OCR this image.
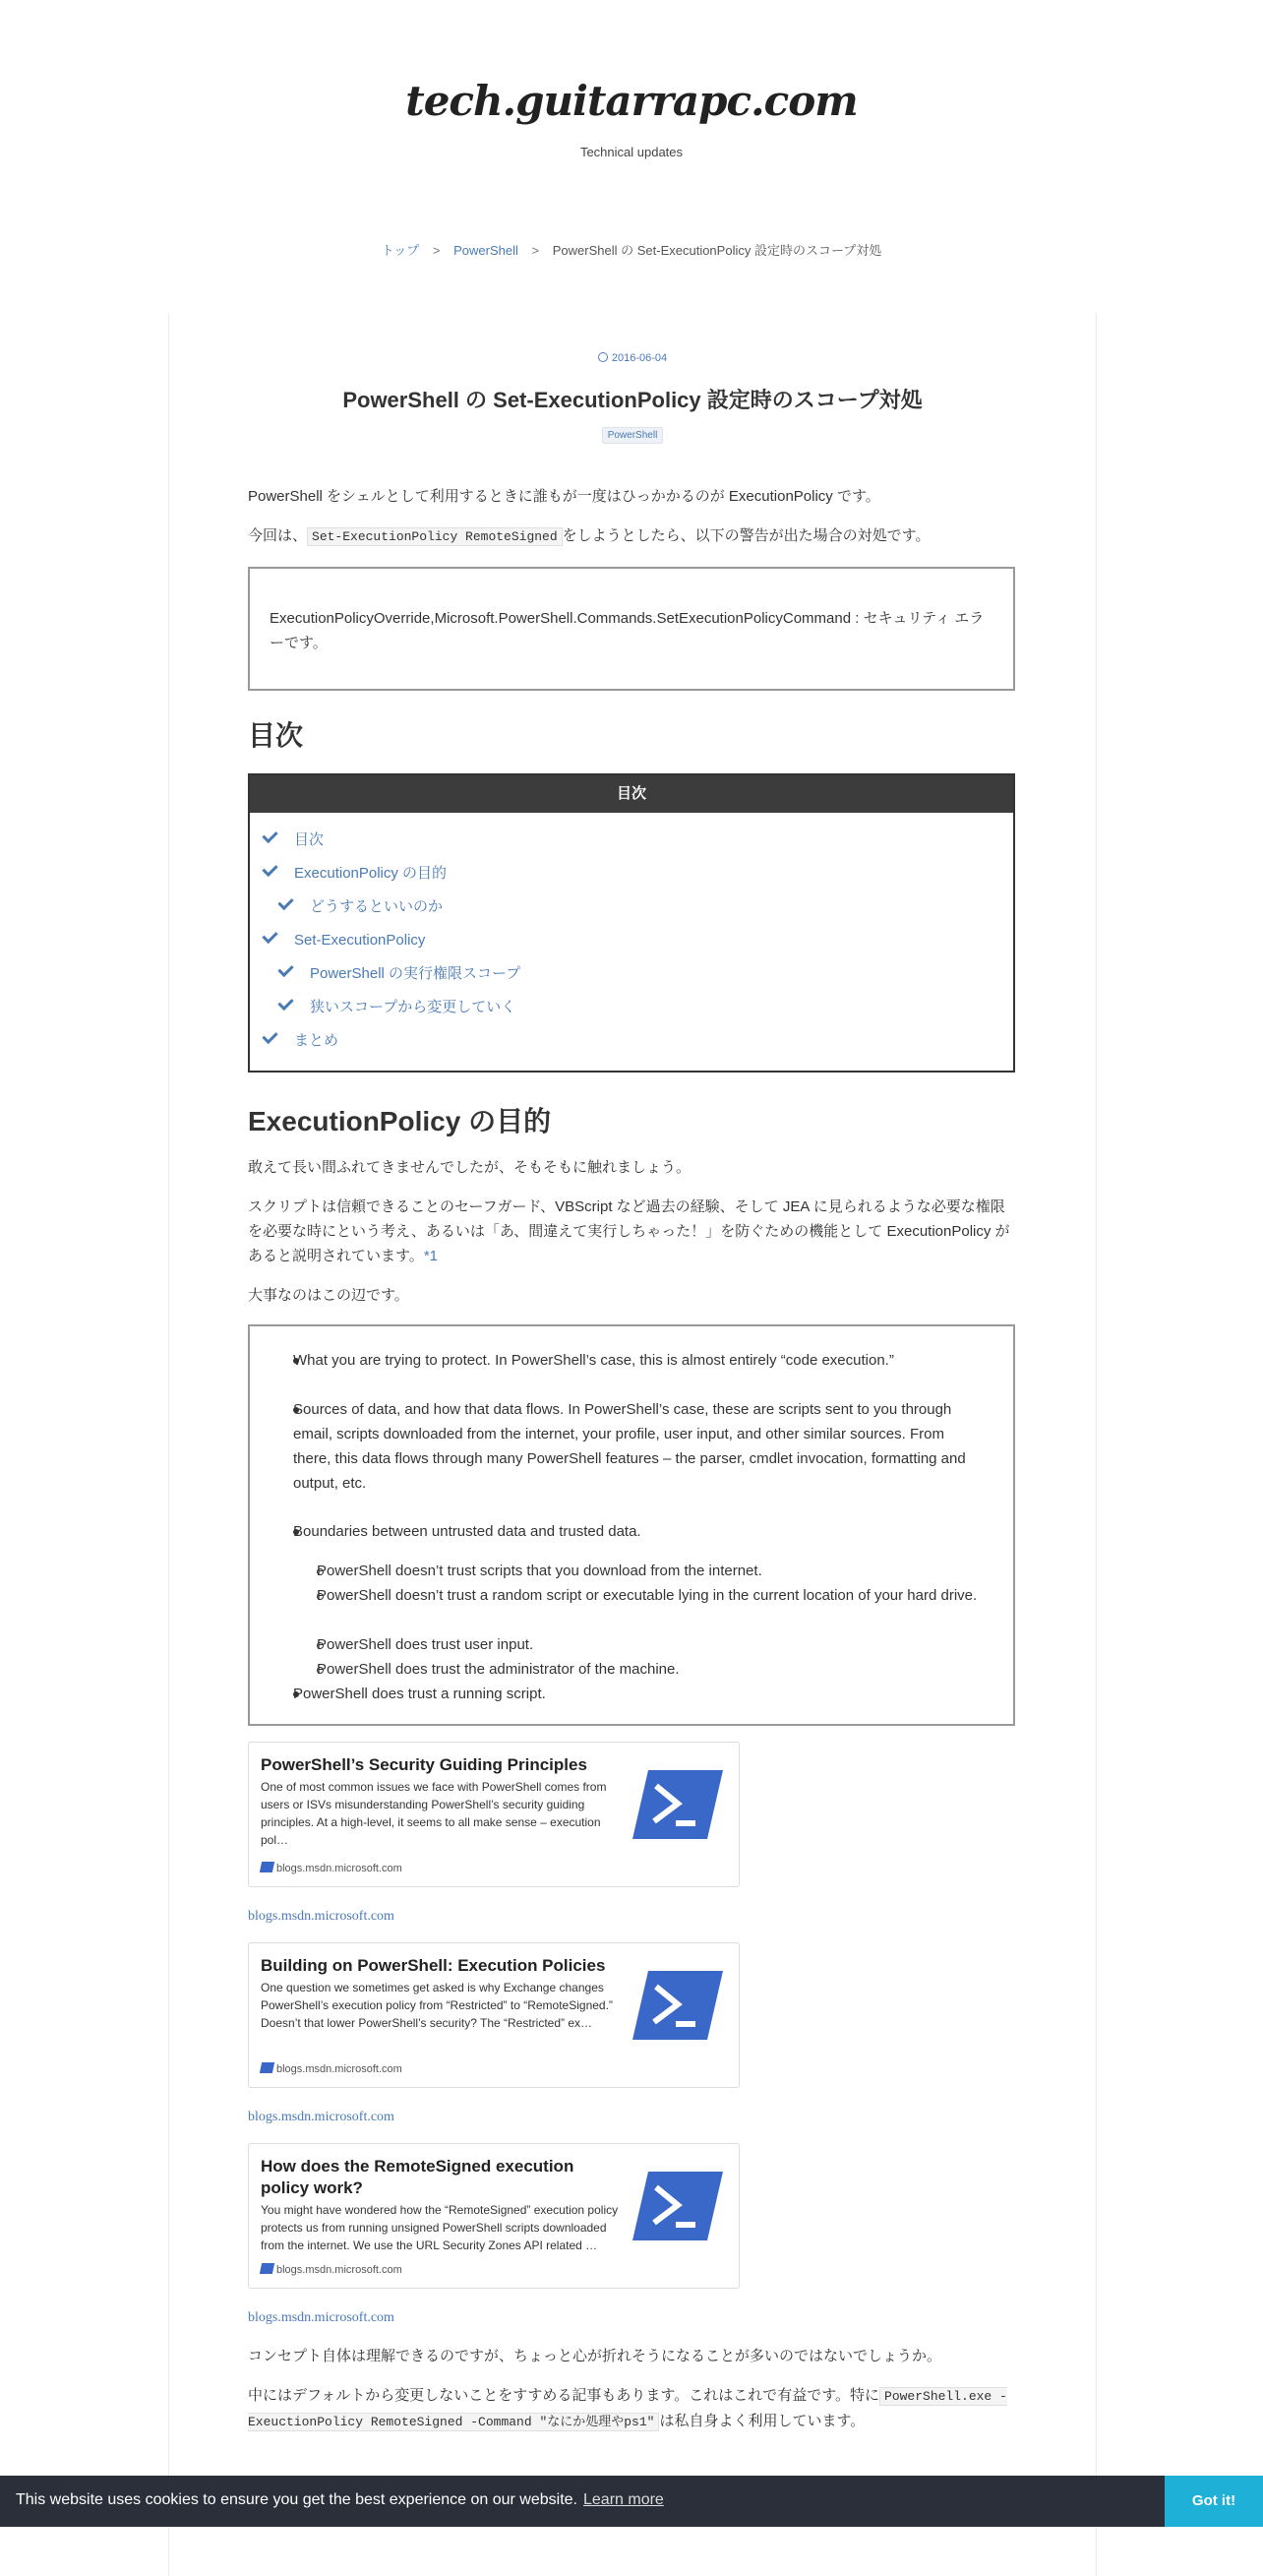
tech.guitarrapc.cоm
Technical updates
トップ > PowerShell > PowerShell の Set-ExecutionPolicy 設定時のスコープ対処
2016-06-04
PowerShell の Set-ExecutionPolicy 設定時のスコープ対処
PowerShell

PowerShell をシェルとして利用するときに誰もが一度はひっかかるのが ExecutionPolicy です。

今回は、 Set-ExecutionPolicy RemoteSigned をしようとしたら、以下の警告が出た場合の対処です。

ExecutionPolicyOverride,Microsoft.PowerShell.Commands.SetExecutionPolicyCommand : セキュリティ エラーです。

目次
目次
目次
ExecutionPolicy の目的
どうするといいのか
Set-ExecutionPolicy
PowerShell の実行権限スコープ
狭いスコープから変更していく
まとめ
ExecutionPolicy の目的

敢えて長い間ふれてきませんでしたが、そもそもに触れましょう。

スクリプトは信頼できることのセーフガード、VBScript など過去の経験、そして JEA に見られるような必要な権限を必要な時にという考え、あるいは「あ、間違えて実行しちゃった！」を防ぐための機能として ExecutionPolicy があると説明されています。*1

大事なのはこの辺です。

What you are trying to protect. In PowerShell’s case, this is almost entirely “code execution.”
Sources of data, and how that data flows. In PowerShell’s case, these are scripts sent to you through email, scripts downloaded from the internet, your profile, user input, and other similar sources. From there, this data flows through many PowerShell features – the parser, cmdlet invocation, formatting and output, etc.
Boundaries between untrusted data and trusted data.
PowerShell doesn’t trust scripts that you download from the internet.
PowerShell doesn’t trust a random script or executable lying in the current location of your hard drive.
PowerShell does trust user input.
PowerShell does trust the administrator of the machine.
PowerShell does trust a running script.
PowerShell’s Security Guiding Principles
One of most common issues we face with PowerShell comes from users or ISVs misunderstanding PowerShell’s security guiding principles. At a high-level, it seems to all make sense – execution pol…
blogs.msdn.microsoft.com
blogs.msdn.microsoft.com
Building on PowerShell: Execution Policies
One question we sometimes get asked is why Exchange changes PowerShell’s execution policy from “Restricted” to “RemoteSigned.” Doesn’t that lower PowerShell’s security? The “Restricted” ex…
blogs.msdn.microsoft.com
blogs.msdn.microsoft.com
How does the RemoteSigned execution policy work?
You might have wondered how the “RemoteSigned” execution policy protects us from running unsigned PowerShell scripts downloaded from the internet. We use the URL Security Zones API related …
blogs.msdn.microsoft.com
blogs.msdn.microsoft.com

コンセプト自体は理解できるのですが、ちょっと心が折れそうになることが多いのではないでしょうか。

中にはデフォルトから変更しないことをすすめる記事もあります。これはこれで有益です。特に PowerShell.exe -ExeuctionPolicy RemoteSigned -Command "なにか処理やps1" は私自身よく利用しています。

This website uses cookies to ensure you get the best experience on our website. Learn more	Got it!
